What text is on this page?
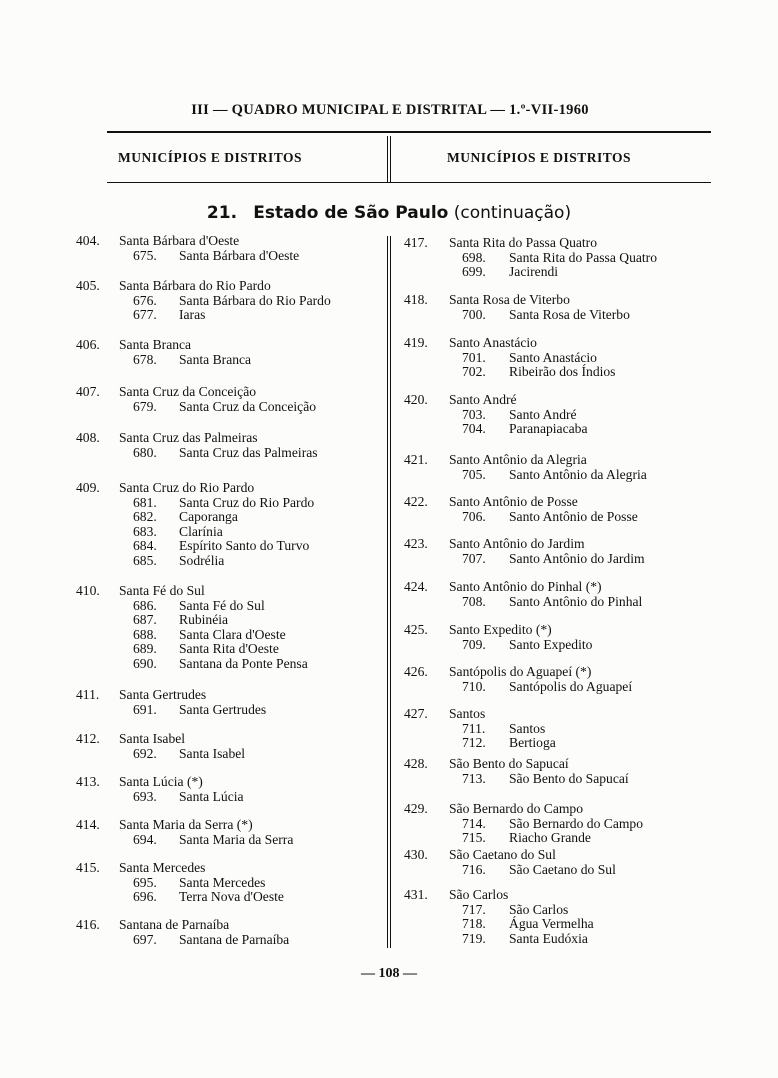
III — QUADRO MUNICIPAL E DISTRITAL — 1.º-VII-1960
MUNICÍPIOS E DISTRITOS	MUNICÍPIOS E DISTRITOS
21. Estado de São Paulo (continuação)
404. Santa Bárbara d'Oeste
675. Santa Bárbara d'Oeste
405. Santa Bárbara do Rio Pardo
676. Santa Bárbara do Rio Pardo
677. Iaras
406. Santa Branca
678. Santa Branca
407. Santa Cruz da Conceição
679. Santa Cruz da Conceição
408. Santa Cruz das Palmeiras
680. Santa Cruz das Palmeiras
409. Santa Cruz do Rio Pardo
681. Santa Cruz do Rio Pardo
682. Caporanga
683. Clarínia
684. Espírito Santo do Turvo
685. Sodrélia
410. Santa Fé do Sul
686. Santa Fé do Sul
687. Rubinéia
688. Santa Clara d'Oeste
689. Santa Rita d'Oeste
690. Santana da Ponte Pensa
411. Santa Gertrudes
691. Santa Gertrudes
412. Santa Isabel
692. Santa Isabel
413. Santa Lúcia (*)
693. Santa Lúcia
414. Santa Maria da Serra (*)
694. Santa Maria da Serra
415. Santa Mercedes
695. Santa Mercedes
696. Terra Nova d'Oeste
416. Santana de Parnaíba
697. Santana de Parnaíba
417. Santa Rita do Passa Quatro
698. Santa Rita do Passa Quatro
699. Jacirendi
418. Santa Rosa de Viterbo
700. Santa Rosa de Viterbo
419. Santo Anastácio
701. Santo Anastácio
702. Ribeirão dos Índios
420. Santo André
703. Santo André
704. Paranapiacaba
421. Santo Antônio da Alegria
705. Santo Antônio da Alegria
422. Santo Antônio de Posse
706. Santo Antônio de Posse
423. Santo Antônio do Jardim
707. Santo Antônio do Jardim
424. Santo Antônio do Pinhal (*)
708. Santo Antônio do Pinhal
425. Santo Expedito (*)
709. Santo Expedito
426. Santópolis do Aguapeí (*)
710. Santópolis do Aguapeí
427. Santos
711. Santos
712. Bertioga
428. São Bento do Sapucaí
713. São Bento do Sapucaí
429. São Bernardo do Campo
714. São Bernardo do Campo
715. Riacho Grande
430. São Caetano do Sul
716. São Caetano do Sul
431. São Carlos
717. São Carlos
718. Água Vermelha
719. Santa Eudóxia
— 108 —
